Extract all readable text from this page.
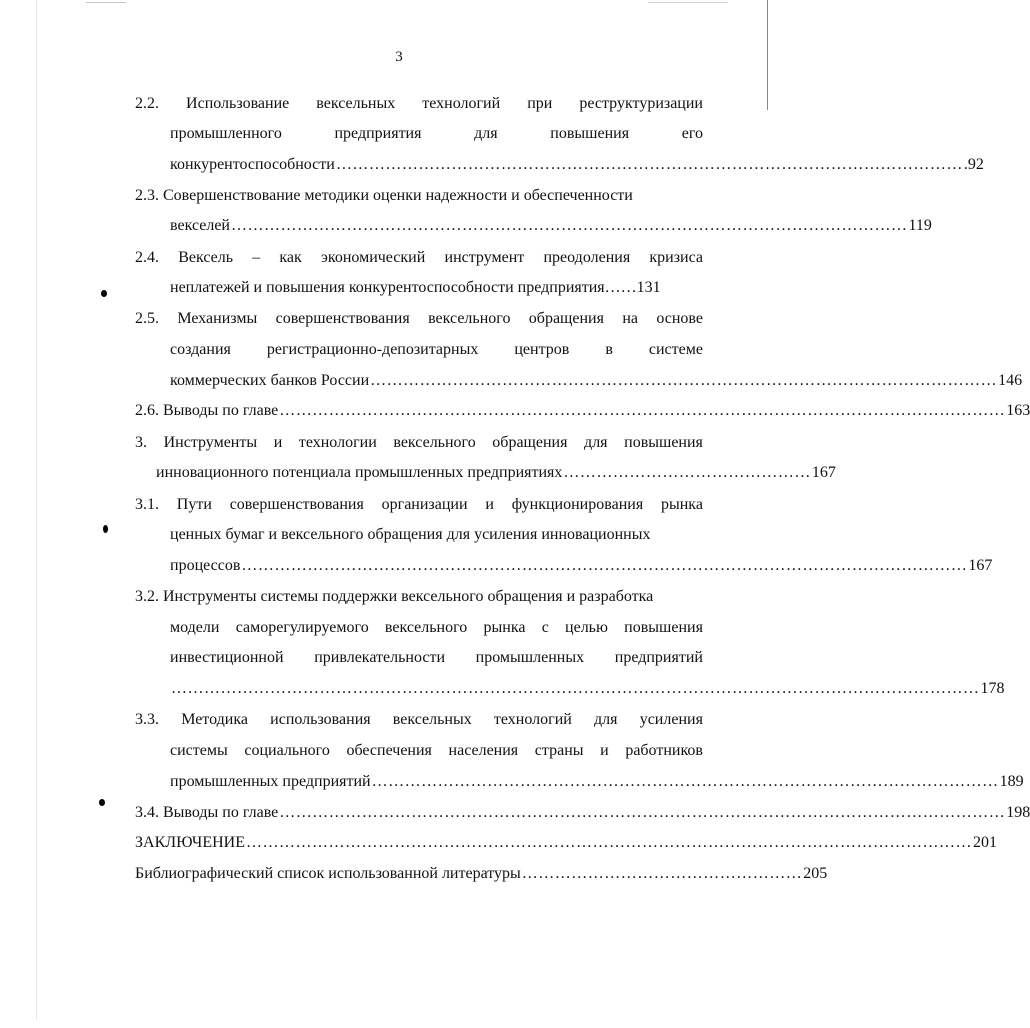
3
2.2. Использование вексельных технологий при реструктуризации
промышленного	предприятия	для	повышения	его
конкурентоспособности …………………………………………………………………………………………………… .92
2.3. Совершенствование методики оценки надежности и обеспеченности
векселей …………………………………………………………………………………………………………… 119
2.4. Вексель – как экономический инструмент преодоления кризиса
неплатежей и повышения конкурентоспособности предприятия……131
2.5. Механизмы совершенствования вексельного обращения на основе
создания регистрационно-депозитарных центров в системе
коммерческих банков России …………………………………………………………………………………………………… 146
2.6. Выводы по главе …………………………………………………………………………………………………………………… 163
3. Инструменты и технологии вексельного обращения для повышения
инновационного потенциала промышленных предприятиях ……………………………………… 167
3.1. Пути совершенствования организации и функционирования рынка
ценных бумаг и вексельного обращения для усиления инновационных
процессов …………………………………………………………………………………………………………………… 167
3.2. Инструменты системы поддержки вексельного обращения и разработка
модели саморегулируемого вексельного рынка с целью повышения
инвестиционной привлекательности промышленных предприятий
………………………………………………………………………………………………………………………………… 178
3.3. Методика использования вексельных технологий для усиления
системы социального обеспечения населения страны и работников
промышленных предприятий …………………………………………………………………………………………………… 189
3.4. Выводы по главе …………………………………………………………………………………………………………………… 198
ЗАКЛЮЧЕНИЕ …………………………………………………………………………………………………………………… 201
Библиографический список использованной литературы …………………………………………… 205
